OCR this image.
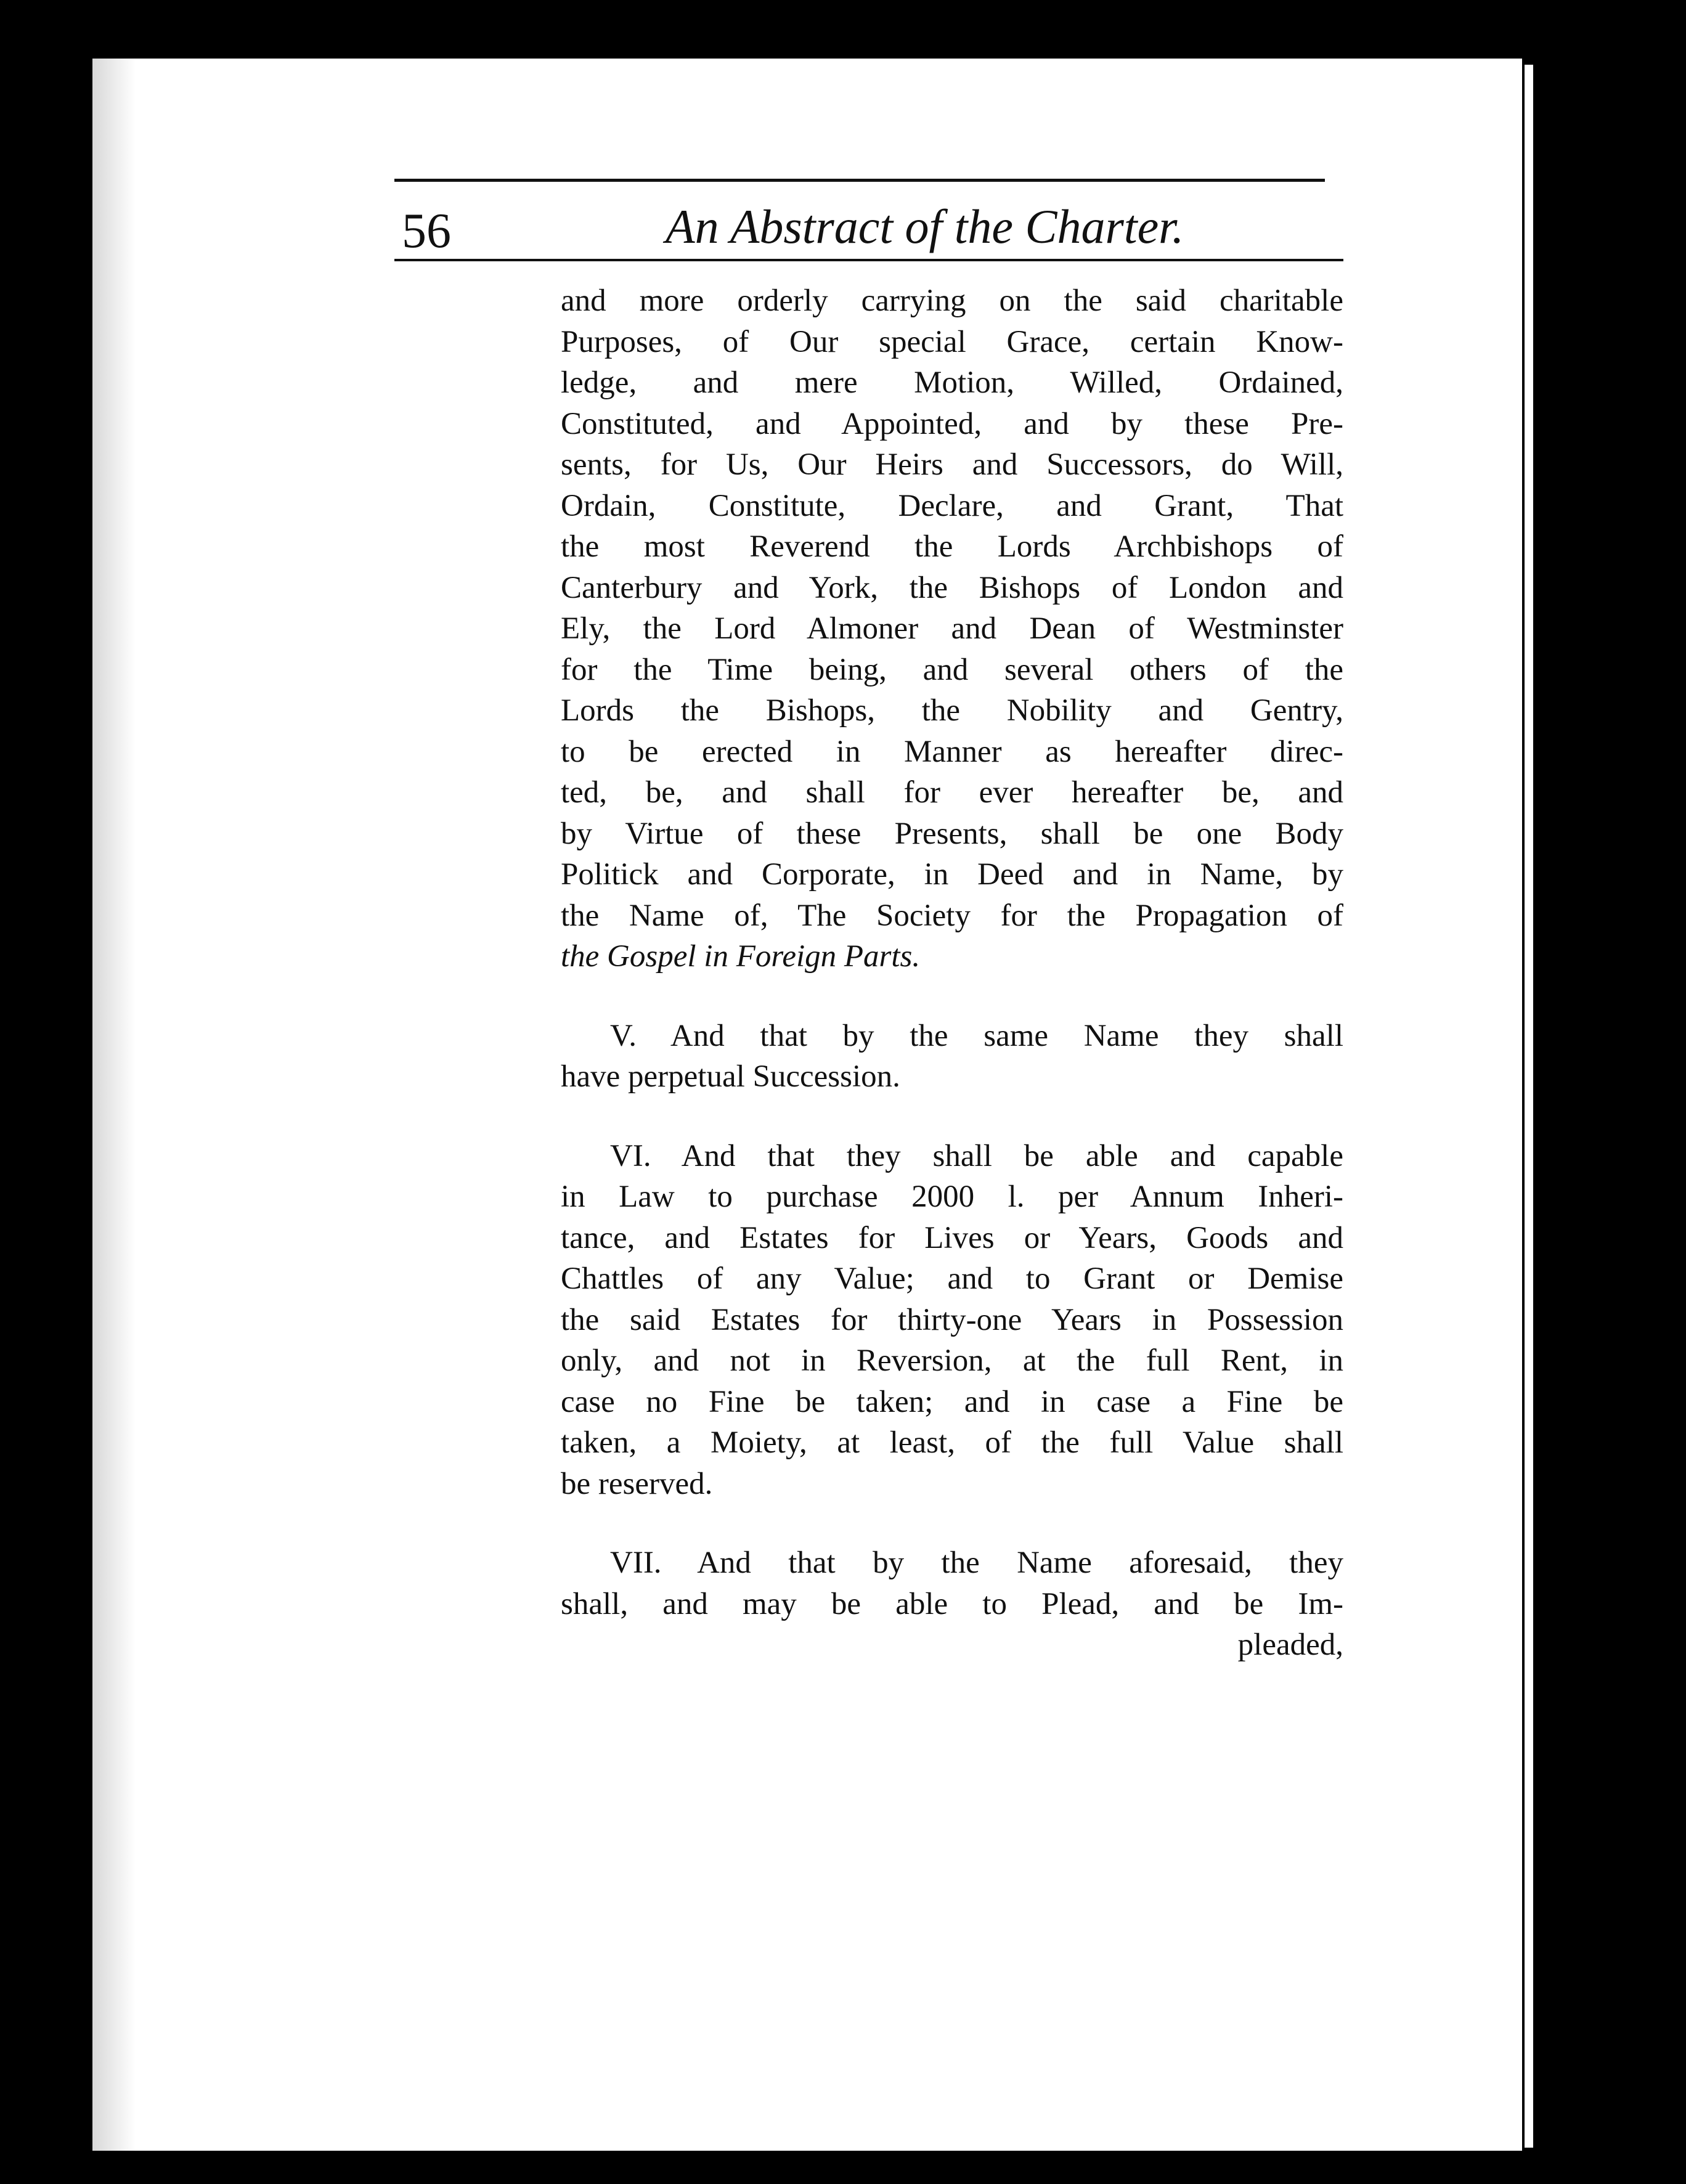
56	An Abstract of the Charter.
and more orderly carrying on the said charitable
Purposes, of Our special Grace, certain Know-
ledge, and mere Motion, Willed, Ordained,
Constituted, and Appointed, and by these Pre-
sents, for Us, Our Heirs and Successors, do Will,
Ordain, Constitute, Declare, and Grant, That
the most Reverend the Lords Archbishops of
Canterbury and York, the Bishops of London and
Ely, the Lord Almoner and Dean of Westminster
for the Time being, and several others of the
Lords the Bishops, the Nobility and Gentry,
to be erected in Manner as hereafter direc-
ted, be, and shall for ever hereafter be, and
by Virtue of these Presents, shall be one Body
Politick and Corporate, in Deed and in Name, by
the Name of, The Society for the Propagation of
the Gospel in Foreign Parts.
V. And that by the same Name they shall
have perpetual Succession.
VI. And that they shall be able and capable
in Law to purchase 2000 l. per Annum Inheri-
tance, and Estates for Lives or Years, Goods and
Chattles of any Value; and to Grant or Demise
the said Estates for thirty-one Years in Possession
only, and not in Reversion, at the full Rent, in
case no Fine be taken; and in case a Fine be
taken, a Moiety, at least, of the full Value shall
be reserved.
VII. And that by the Name aforesaid, they
shall, and may be able to Plead, and be Im-
pleaded,
